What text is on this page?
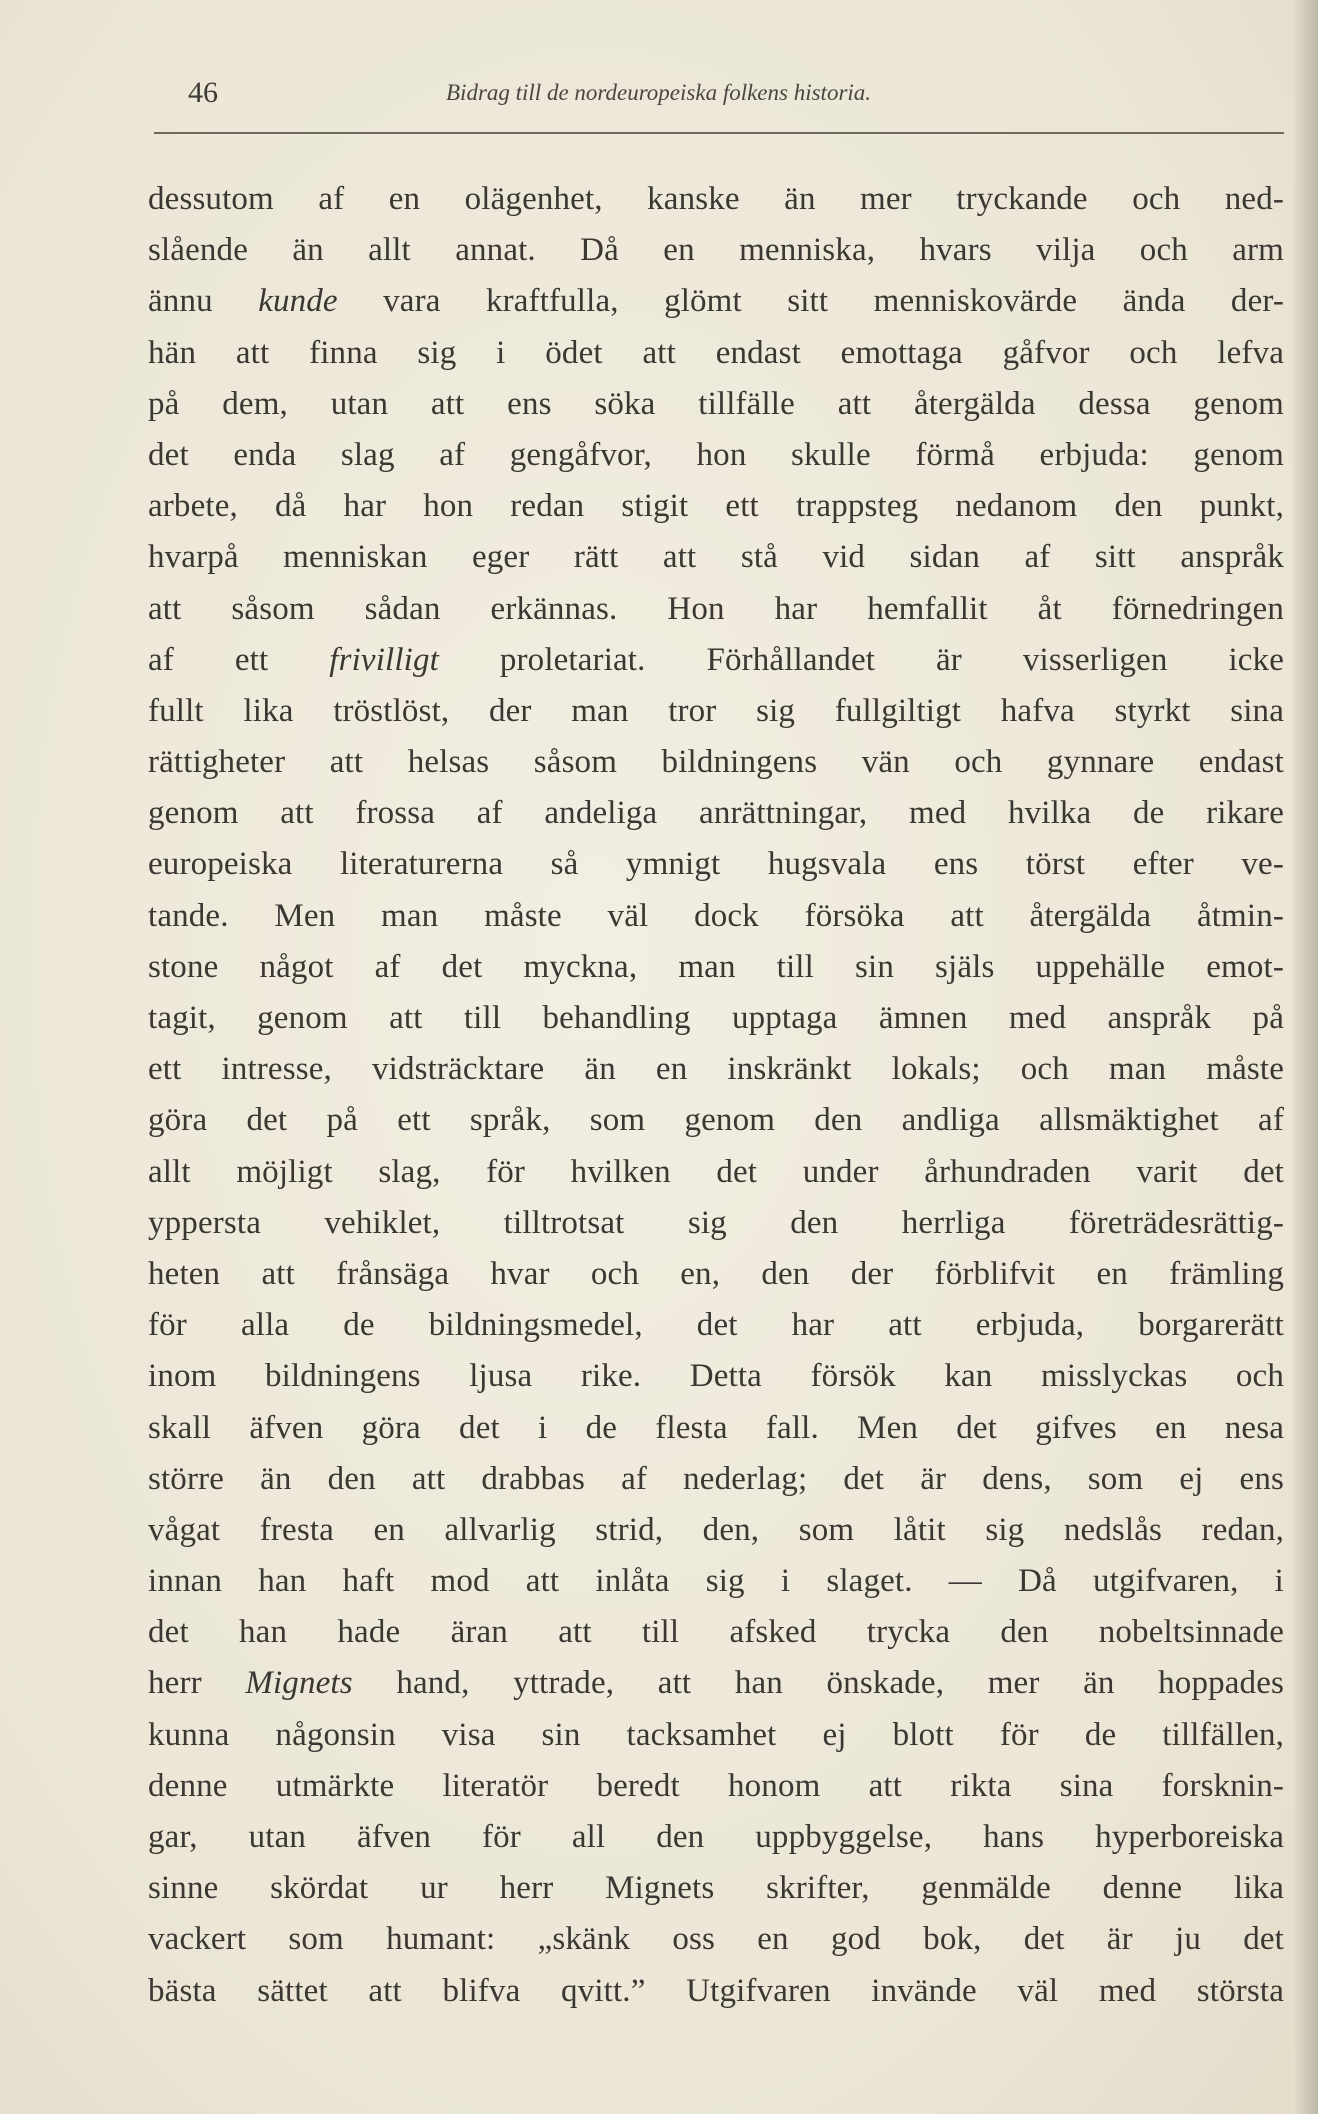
46	Bidrag till de nordeuropeiska folkens historia.
dessutom af en olägenhet, kanske än mer tryckande och ned-
slående än allt annat. Då en menniska, hvars vilja och arm
ännu kunde vara kraftfulla, glömt sitt menniskovärde ända der-
hän att finna sig i ödet att endast emottaga gåfvor och lefva
på dem, utan att ens söka tillfälle att återgälda dessa genom
det enda slag af gengåfvor, hon skulle förmå erbjuda: genom
arbete, då har hon redan stigit ett trappsteg nedanom den punkt,
hvarpå menniskan eger rätt att stå vid sidan af sitt anspråk
att såsom sådan erkännas. Hon har hemfallit åt förnedringen
af ett frivilligt proletariat. Förhållandet är visserligen icke
fullt lika tröstlöst, der man tror sig fullgiltigt hafva styrkt sina
rättigheter att helsas såsom bildningens vän och gynnare endast
genom att frossa af andeliga anrättningar, med hvilka de rikare
europeiska literaturerna så ymnigt hugsvala ens törst efter ve-
tande. Men man måste väl dock försöka att återgälda åtmin-
stone något af det myckna, man till sin själs uppehälle emot-
tagit, genom att till behandling upptaga ämnen med anspråk på
ett intresse, vidsträcktare än en inskränkt lokals; och man måste
göra det på ett språk, som genom den andliga allsmäktighet af
allt möjligt slag, för hvilken det under århundraden varit det
yppersta vehiklet, tilltrotsat sig den herrliga företrädesrättig-
heten att frånsäga hvar och en, den der förblifvit en främling
för alla de bildningsmedel, det har att erbjuda, borgarerätt
inom bildningens ljusa rike. Detta försök kan misslyckas och
skall äfven göra det i de flesta fall. Men det gifves en nesa
större än den att drabbas af nederlag; det är dens, som ej ens
vågat fresta en allvarlig strid, den, som låtit sig nedslås redan,
innan han haft mod att inlåta sig i slaget. — Då utgifvaren, i
det han hade äran att till afsked trycka den nobeltsinnade
herr Mignets hand, yttrade, att han önskade, mer än hoppades
kunna någonsin visa sin tacksamhet ej blott för de tillfällen,
denne utmärkte literatör beredt honom att rikta sina forsknin-
gar, utan äfven för all den uppbyggelse, hans hyperboreiska
sinne skördat ur herr Mignets skrifter, genmälde denne lika
vackert som humant: „skänk oss en god bok, det är ju det
bästa sättet att blifva qvitt.” Utgifvaren invände väl med största
